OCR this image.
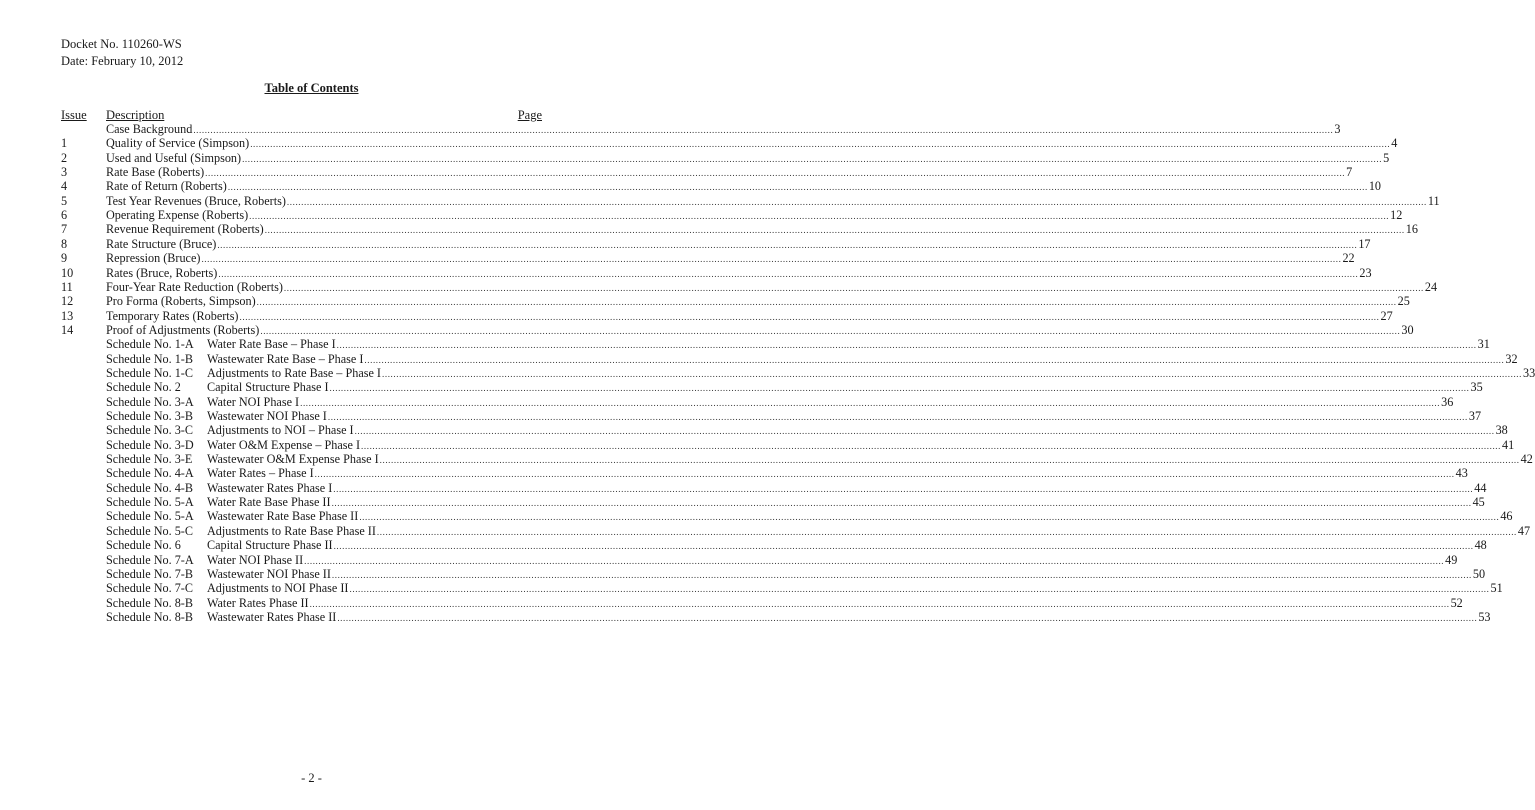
Docket No. 110260-WS
Date: February 10, 2012
Table of Contents
Issue Description	Page
Case Background ................................................................................................................................................................................................................................................................................................................................................................................................................ 3
1	Quality of Service (Simpson) ................................................................................................................................................................................................................................................................................................................................................................................................................ 4
2	Used and Useful (Simpson) ................................................................................................................................................................................................................................................................................................................................................................................................................ 5
3	Rate Base (Roberts) ................................................................................................................................................................................................................................................................................................................................................................................................................ 7
4	Rate of Return (Roberts) ................................................................................................................................................................................................................................................................................................................................................................................................................ 10
5	Test Year Revenues (Bruce, Roberts) ................................................................................................................................................................................................................................................................................................................................................................................................................ 11
6	Operating Expense (Roberts) ................................................................................................................................................................................................................................................................................................................................................................................................................ 12
7	Revenue Requirement (Roberts) ................................................................................................................................................................................................................................................................................................................................................................................................................ 16
8	Rate Structure (Bruce) ................................................................................................................................................................................................................................................................................................................................................................................................................ 17
9	Repression (Bruce) ................................................................................................................................................................................................................................................................................................................................................................................................................ 22
10	Rates (Bruce, Roberts) ................................................................................................................................................................................................................................................................................................................................................................................................................ 23
11	Four-Year Rate Reduction (Roberts) ................................................................................................................................................................................................................................................................................................................................................................................................................ 24
12	Pro Forma (Roberts, Simpson) ................................................................................................................................................................................................................................................................................................................................................................................................................ 25
13	Temporary Rates (Roberts) ................................................................................................................................................................................................................................................................................................................................................................................................................ 27
14	Proof of Adjustments (Roberts) ................................................................................................................................................................................................................................................................................................................................................................................................................ 30
Schedule No. 1-A	Water Rate Base – Phase I ................................................................................................................................................................................................................................................................................................................................................................................................................ 31
Schedule No. 1-B	Wastewater Rate Base – Phase I ................................................................................................................................................................................................................................................................................................................................................................................................................ 32
Schedule No. 1-C	Adjustments to Rate Base – Phase I ................................................................................................................................................................................................................................................................................................................................................................................................................ 33
Schedule No. 2	Capital Structure Phase I ................................................................................................................................................................................................................................................................................................................................................................................................................ 35
Schedule No. 3-A	Water NOI Phase I ................................................................................................................................................................................................................................................................................................................................................................................................................ 36
Schedule No. 3-B	Wastewater NOI Phase I ................................................................................................................................................................................................................................................................................................................................................................................................................ 37
Schedule No. 3-C	Adjustments to NOI – Phase I ................................................................................................................................................................................................................................................................................................................................................................................................................ 38
Schedule No. 3-D	Water O&M Expense – Phase I ................................................................................................................................................................................................................................................................................................................................................................................................................ 41
Schedule No. 3-E	Wastewater O&M Expense Phase I ................................................................................................................................................................................................................................................................................................................................................................................................................ 42
Schedule No. 4-A	Water Rates – Phase I ................................................................................................................................................................................................................................................................................................................................................................................................................ 43
Schedule No. 4-B	Wastewater Rates Phase I ................................................................................................................................................................................................................................................................................................................................................................................................................ 44
Schedule No. 5-A	Water Rate Base Phase II ................................................................................................................................................................................................................................................................................................................................................................................................................ 45
Schedule No. 5-A	Wastewater Rate Base Phase II ................................................................................................................................................................................................................................................................................................................................................................................................................ 46
Schedule No. 5-C	Adjustments to Rate Base Phase II ................................................................................................................................................................................................................................................................................................................................................................................................................ 47
Schedule No. 6	Capital Structure Phase II ................................................................................................................................................................................................................................................................................................................................................................................................................ 48
Schedule No. 7-A	Water NOI Phase II ................................................................................................................................................................................................................................................................................................................................................................................................................ 49
Schedule No. 7-B	Wastewater NOI Phase II ................................................................................................................................................................................................................................................................................................................................................................................................................ 50
Schedule No. 7-C	Adjustments to NOI Phase II ................................................................................................................................................................................................................................................................................................................................................................................................................ 51
Schedule No. 8-B	Water Rates Phase II ................................................................................................................................................................................................................................................................................................................................................................................................................ 52
Schedule No. 8-B	Wastewater Rates Phase II ................................................................................................................................................................................................................................................................................................................................................................................................................ 53
- 2 -
